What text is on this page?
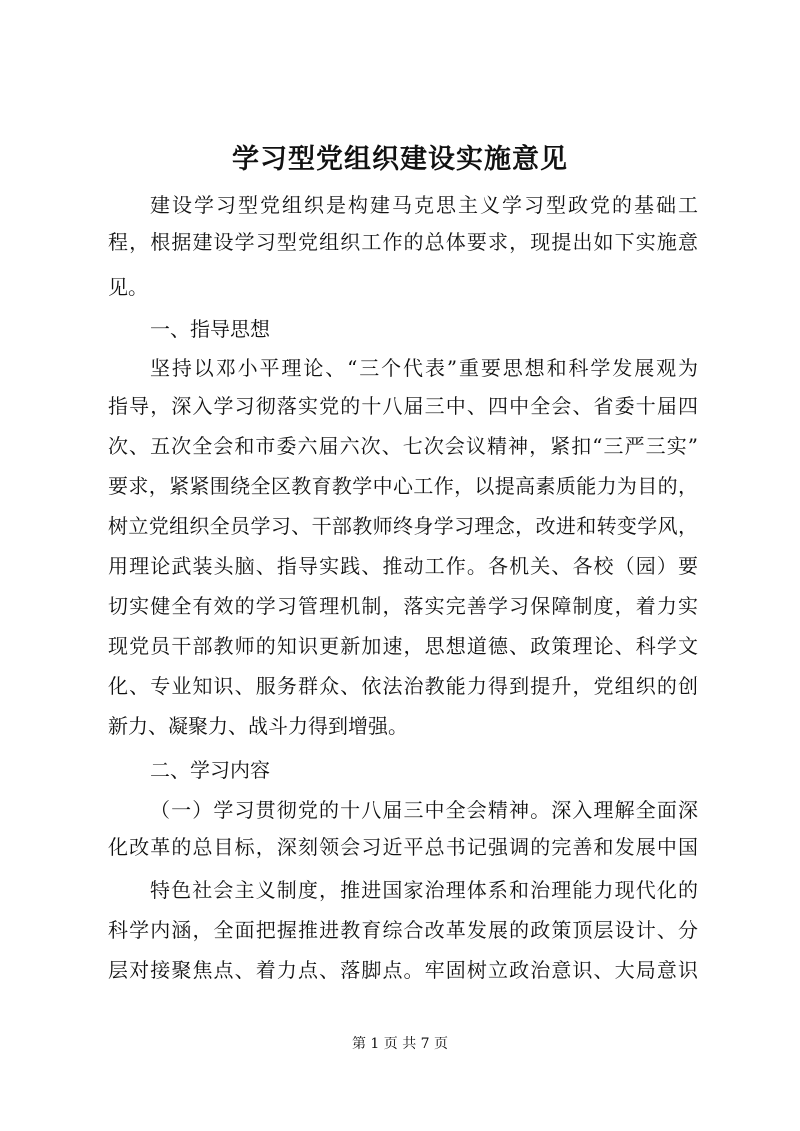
学习型党组织建设实施意见
建设学习型党组织是构建马克思主义学习型政党的基础工
程，根据建设学习型党组织工作的总体要求，现提出如下实施意
见。
一、指导思想
坚持以邓小平理论、“三个代表”重要思想和科学发展观为
指导，深入学习彻落实党的十八届三中、四中全会、省委十届四
次、五次全会和市委六届六次、七次会议精神，紧扣“三严三实”
要求，紧紧围绕全区教育教学中心工作，以提高素质能力为目的，
树立党组织全员学习、干部教师终身学习理念，改进和转变学风，
用理论武装头脑、指导实践、推动工作。各机关、各校（园）要
切实健全有效的学习管理机制，落实完善学习保障制度，着力实
现党员干部教师的知识更新加速，思想道德、政策理论、科学文
化、专业知识、服务群众、依法治教能力得到提升，党组织的创
新力、凝聚力、战斗力得到增强。
二、学习内容
（一）学习贯彻党的十八届三中全会精神。深入理解全面深
化改革的总目标，深刻领会习近平总书记强调的完善和发展中国
特色社会主义制度，推进国家治理体系和治理能力现代化的
科学内涵，全面把握推进教育综合改革发展的政策顶层设计、分
层对接聚焦点、着力点、落脚点。牢固树立政治意识、大局意识
第 1 页 共 7 页
